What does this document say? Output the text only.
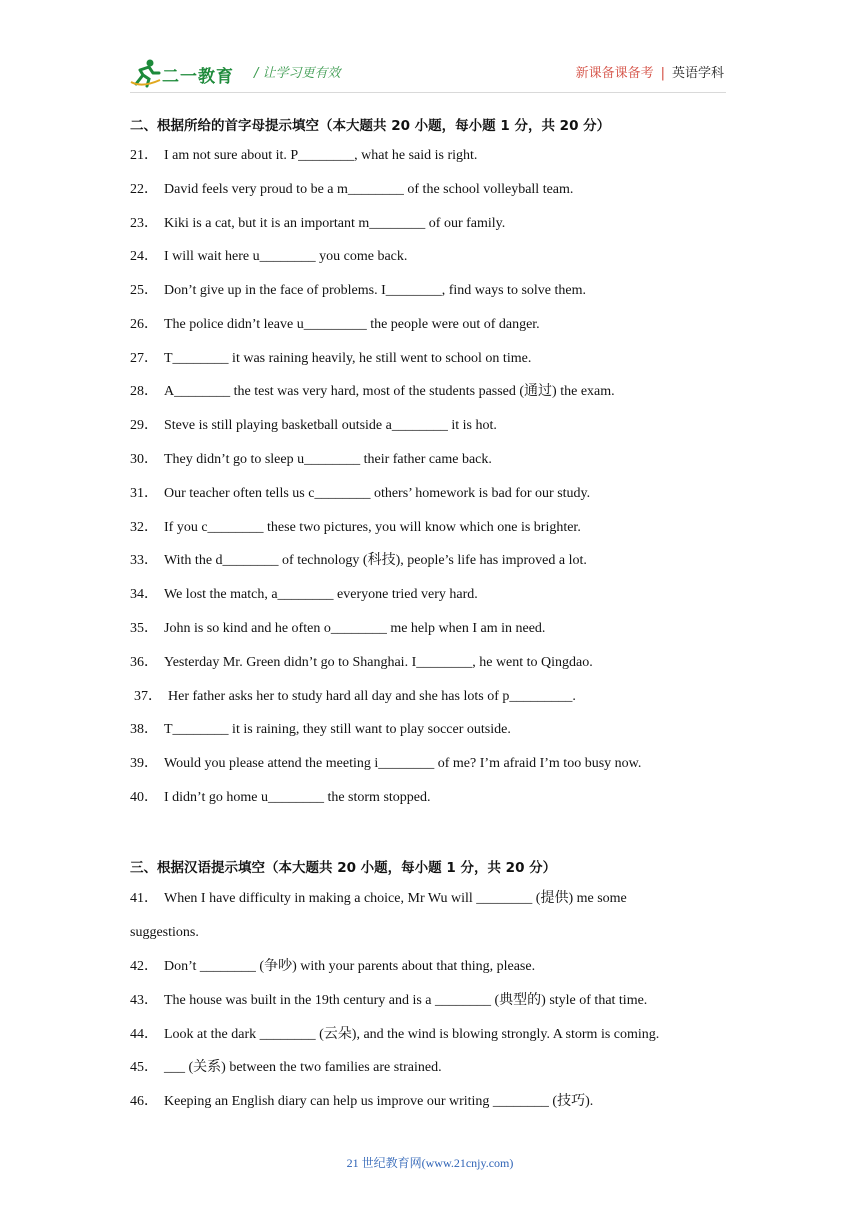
二一教育 / 让学习更有效	新课备课备考 | 英语学科
二、根据所给的首字母提示填空（本大题共 20 小题，每小题 1 分，共 20 分）
21． I am not sure about it. P________, what he said is right.
22． David feels very proud to be a m________ of the school volleyball team.
23． Kiki is a cat, but it is an important m________ of our family.
24． I will wait here u________ you come back.
25． Don’t give up in the face of problems. I________, find ways to solve them.
26． The police didn’t leave u_________ the people were out of danger.
27． T________ it was raining heavily, he still went to school on time.
28． A________ the test was very hard, most of the students passed (通过) the exam.
29． Steve is still playing basketball outside a________ it is hot.
30． They didn’t go to sleep u________ their father came back.
31． Our teacher often tells us c________ others’ homework is bad for our study.
32． If you c________ these two pictures, you will know which one is brighter.
33． With the d________ of technology (科技), people’s life has improved a lot.
34． We lost the match, a________ everyone tried very hard.
35． John is so kind and he often o________ me help when I am in need.
36． Yesterday Mr. Green didn’t go to Shanghai. I________, he went to Qingdao.
37． Her father asks her to study hard all day and she has lots of p_________.
38． T________ it is raining, they still want to play soccer outside.
39． Would you please attend the meeting i________ of me? I’m afraid I’m too busy now.
40． I didn’t go home u________ the storm stopped.
三、根据汉语提示填空（本大题共 20 小题，每小题 1 分，共 20 分）
41． When I have difficulty in making a choice, Mr Wu will ________ (提供) me some
suggestions.
42． Don’t ________ (争吵) with your parents about that thing, please.
43． The house was built in the 19th century and is a ________ (典型的) style of that time.
44． Look at the dark ________ (云朵), and the wind is blowing strongly. A storm is coming.
45． ___ (关系) between the two families are strained.
46． Keeping an English diary can help us improve our writing ________ (技巧).
21 世纪教育网(www.21cnjy.com)
